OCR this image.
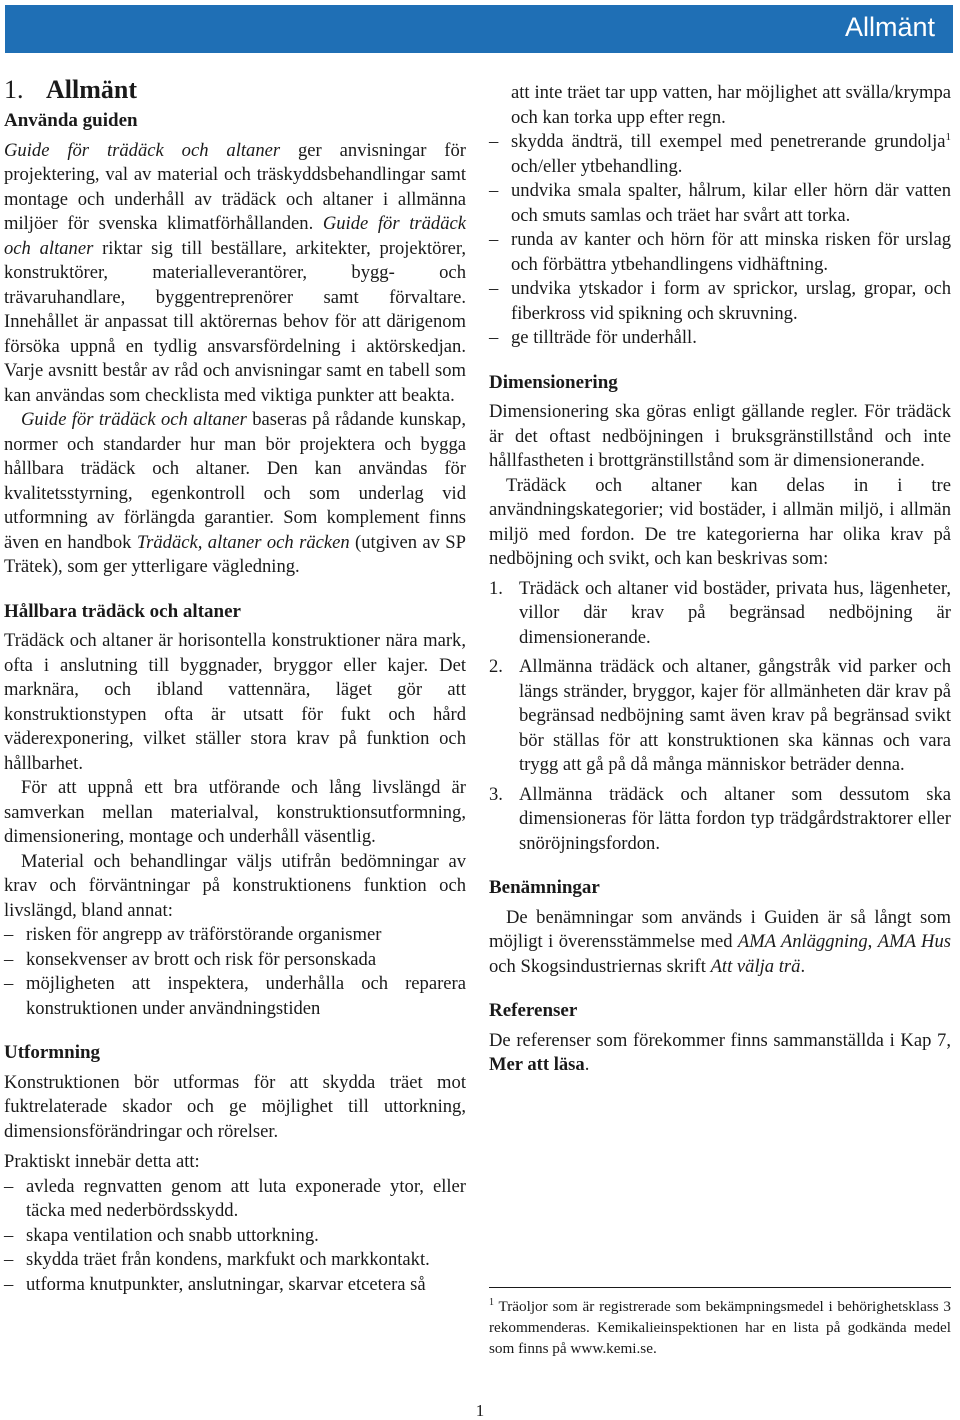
Allmänt
1. Allmänt
Använda guiden

Guide för trädäck och altaner ger anvisningar för projektering, val av material och träskyddsbehandlingar samt montage och underhåll av trädäck och altaner i allmänna miljöer för svenska klimatförhållanden. Guide för trädäck och altaner riktar sig till beställare, arkitekter, projektörer, konstruktörer, materialleverantörer, bygg- och trävaruhandlare, byggentreprenörer samt förvaltare. Innehållet är anpassat till aktörernas behov för att därigenom försöka uppnå en tydlig ansvarsfördelning i aktörskedjan. Varje avsnitt består av råd och anvisningar samt en tabell som kan användas som checklista med viktiga punkter att beakta.

Guide för trädäck och altaner baseras på rådande kunskap, normer och standarder hur man bör projektera och bygga hållbara trädäck och altaner. Den kan användas för kvalitetsstyrning, egenkontroll och som underlag vid utformning av förlängda garantier. Som komplement finns även en handbok Trädäck, altaner och räcken (utgiven av SP Trätek), som ger ytterligare vägledning.

Hållbara trädäck och altaner

Trädäck och altaner är horisontella konstruktioner nära mark, ofta i anslutning till byggnader, bryggor eller kajer. Det marknära, och ibland vattennära, läget gör att konstruktionstypen ofta är utsatt för fukt och hård väderexponering, vilket ställer stora krav på funktion och hållbarhet.

För att uppnå ett bra utförande och lång livslängd är samverkan mellan materialval, konstruktionsutformning, dimensionering, montage och underhåll väsentlig.

Material och behandlingar väljs utifrån bedömningar av krav och förväntningar på konstruktionens funktion och livslängd, bland annat:

– risken för angrepp av träförstörande organismer
– konsekvenser av brott och risk för personskada
– möjligheten att inspektera, underhålla och reparera konstruktionen under användningstiden
Utformning

Konstruktionen bör utformas för att skydda träet mot fuktrelaterade skador och ge möjlighet till uttorkning, dimensionsförändringar och rörelser.

Praktiskt innebär detta att:

– avleda regnvatten genom att luta exponerade ytor, eller täcka med nederbördsskydd.
– skapa ventilation och snabb uttorkning.
– skydda träet från kondens, markfukt och markkontakt.
– utforma knutpunkter, anslutningar, skarvar etcetera så

att inte träet tar upp vatten, har möjlighet att svälla/krympa och kan torka upp efter regn.

– skydda ändträ, till exempel med penetrerande grundolja$^1$ och/eller ytbehandling.
– undvika smala spalter, hålrum, kilar eller hörn där vatten och smuts samlas och träet har svårt att torka.
– runda av kanter och hörn för att minska risken för urslag och förbättra ytbehandlingens vidhäftning.
– undvika ytskador i form av sprickor, urslag, gropar, och fiberkross vid spikning och skruvning.
– ge tillträde för underhåll.
Dimensionering

Dimensionering ska göras enligt gällande regler. För trädäck är det oftast nedböjningen i bruksgränstillstånd och inte hållfastheten i brottgränstillstånd som är dimensionerande.

Trädäck och altaner kan delas in i tre användningskategorier; vid bostäder, i allmän miljö, i allmän miljö med fordon. De tre kategorierna har olika krav på nedböjning och svikt, och kan beskrivas som:

1. Trädäck och altaner vid bostäder, privata hus, lägenheter, villor där krav på begränsad nedböjning är dimensionerande.
2. Allmänna trädäck och altaner, gångstråk vid parker och längs stränder, bryggor, kajer för allmänheten där krav på begränsad nedböjning samt även krav på begränsad svikt bör ställas för att konstruktionen ska kännas och vara trygg att gå på då många människor beträder denna.
3. Allmänna trädäck och altaner som dessutom ska dimensioneras för lätta fordon typ trädgårdstraktorer eller snöröjningsfordon.
Benämningar

De benämningar som används i Guiden är så långt som möjligt i överensstämmelse med AMA Anläggning, AMA Hus och Skogsindustriernas skrift Att välja trä.

Referenser

De referenser som förekommer finns sammanställda i Kap 7, Mer att läsa.

$^1$ Träoljor som är registrerade som bekämpningsmedel i behörighetsklass 3 rekommenderas. Kemikalieinspektionen har en lista på godkända medel som finns på www.kemi.se.

1
